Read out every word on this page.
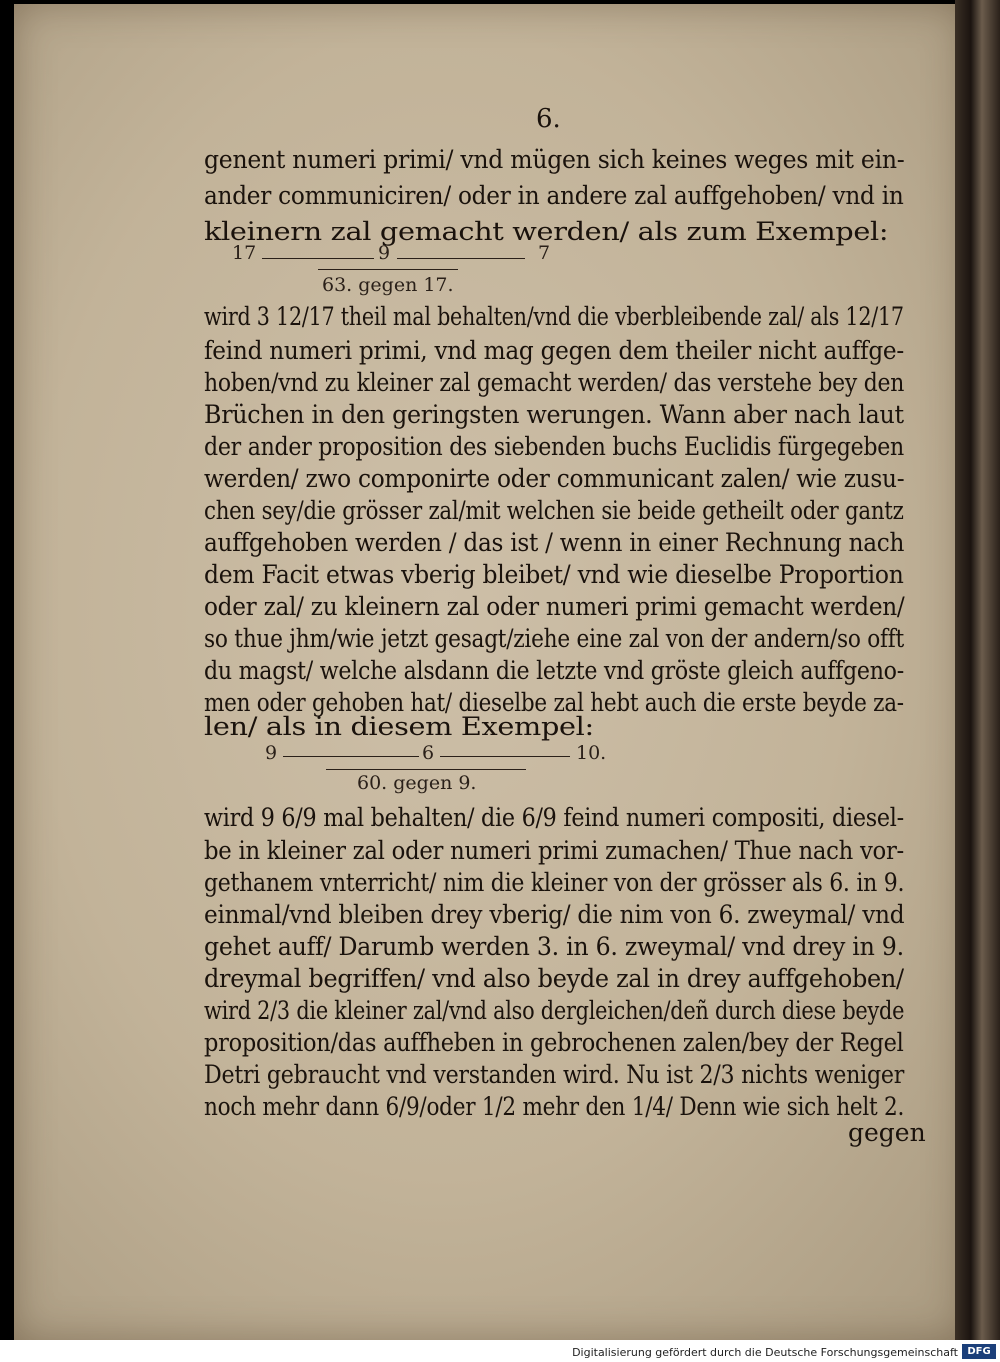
6.
genent numeri primi/ vnd mügen sich keines weges mit ein-
ander communiciren/ oder in andere zal auffgehoben/ vnd in
kleinern zal gemacht werden/ als zum Exempel:
17	9	7
63. gegen 17.
wird 3 12/17 theil mal behalten/vnd die vberbleibende zal/ als 12/17
feind numeri primi, vnd mag gegen dem theiler nicht auffge-
hoben/vnd zu kleiner zal gemacht werden/ das verstehe bey den
Brüchen in den geringsten werungen. Wann aber nach laut
der ander proposition des siebenden buchs Euclidis fürgegeben
werden/ zwo componirte oder communicant zalen/ wie zusu-
chen sey/die grösser zal/mit welchen sie beide getheilt oder gantz
auffgehoben werden / das ist / wenn in einer Rechnung nach
dem Facit etwas vberig bleibet/ vnd wie dieselbe Proportion
oder zal/ zu kleinern zal oder numeri primi gemacht werden/
so thue jhm/wie jetzt gesagt/ziehe eine zal von der andern/so offt
du magst/ welche alsdann die letzte vnd gröste gleich auffgeno-
men oder gehoben hat/ dieselbe zal hebt auch die erste beyde za-
len/ als in diesem Exempel:
9	6	10.
60. gegen 9.
wird 9 6/9 mal behalten/ die 6/9 feind numeri compositi, diesel-
be in kleiner zal oder numeri primi zumachen/ Thue nach vor-
gethanem vnterricht/ nim die kleiner von der grösser als 6. in 9.
einmal/vnd bleiben drey vberig/ die nim von 6. zweymal/ vnd
gehet auff/ Darumb werden 3. in 6. zweymal/ vnd drey in 9.
dreymal begriffen/ vnd also beyde zal in drey auffgehoben/
wird 2/3 die kleiner zal/vnd also dergleichen/deñ durch diese beyde
proposition/das auffheben in gebrochenen zalen/bey der Regel
Detri gebraucht vnd verstanden wird. Nu ist 2/3 nichts weniger
noch mehr dann 6/9/oder 1/2 mehr den 1/4/ Denn wie sich helt 2.
gegen
Digitalisierung gefördert durch die Deutsche Forschungsgemeinschaft DFG
